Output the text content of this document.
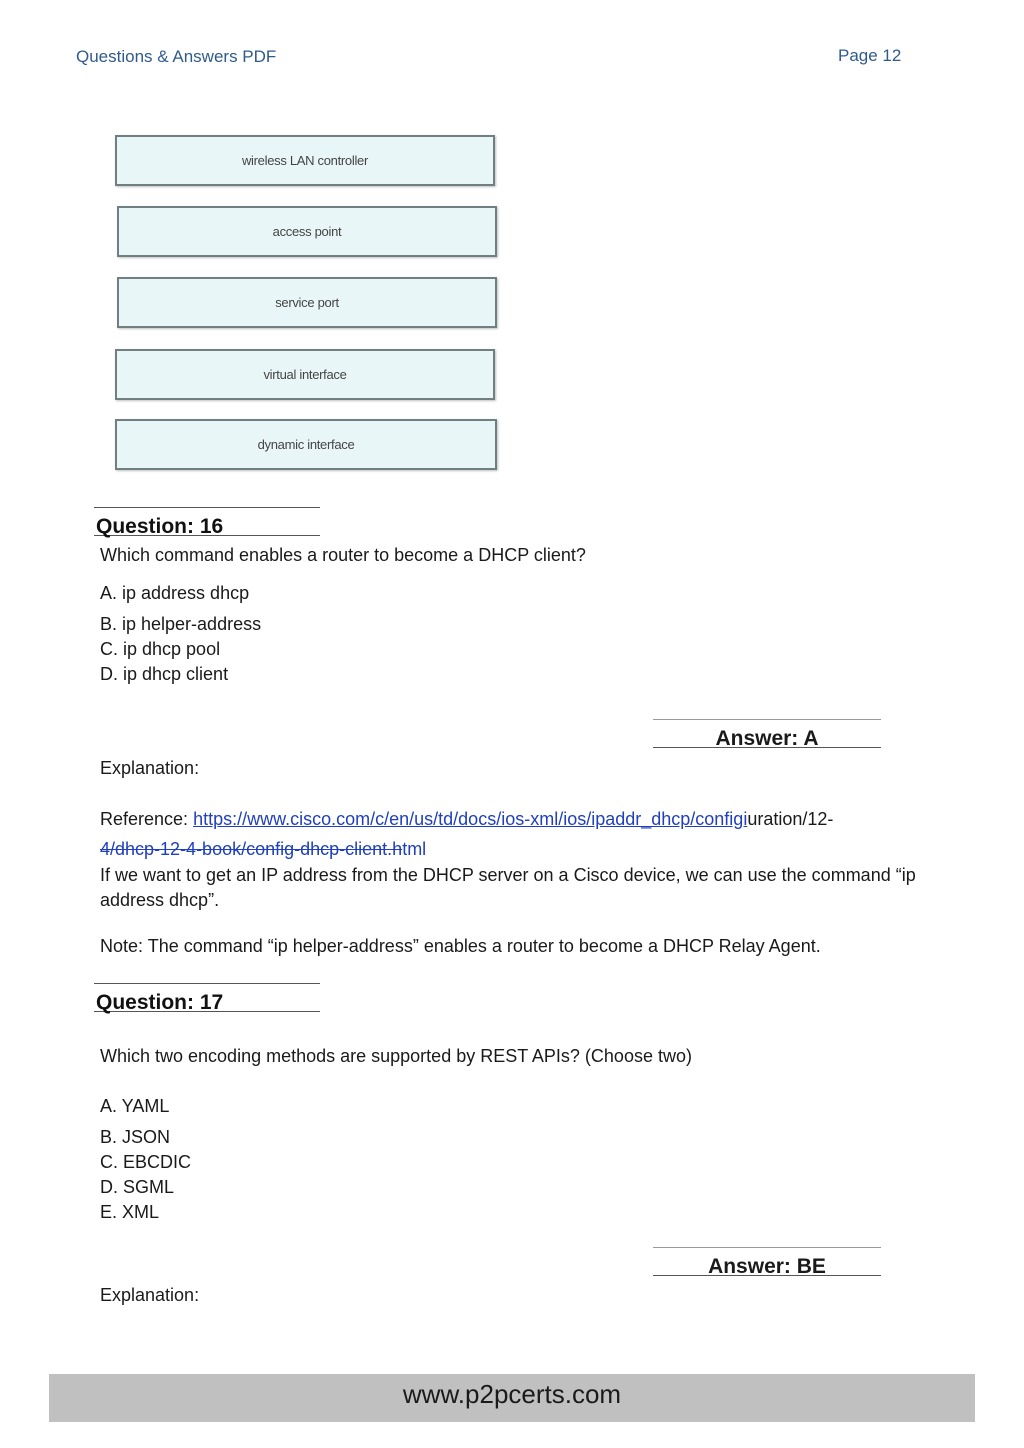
Questions & Answers PDF	Page 12
wireless LAN controller
access point
service port
virtual interface
dynamic interface
Question: 16
Which command enables a router to become a DHCP client?
A. ip address dhcp
B. ip helper-address
C. ip dhcp pool
D. ip dhcp client
Answer: A
Explanation:
Reference: https://www.cisco.com/c/en/us/td/docs/ios-xml/ios/ipaddr_dhcp/configiuration/12-
4/dhcp-12-4-book/config-dhcp-client.html
If we want to get an IP address from the DHCP server on a Cisco device, we can use the command “ip address dhcp”.
Note: The command “ip helper-address” enables a router to become a DHCP Relay Agent.
Question: 17
Which two encoding methods are supported by REST APIs? (Choose two)
A. YAML
B. JSON
C. EBCDIC
D. SGML
E. XML
Answer: BE
Explanation:
www.p2pcerts.com
